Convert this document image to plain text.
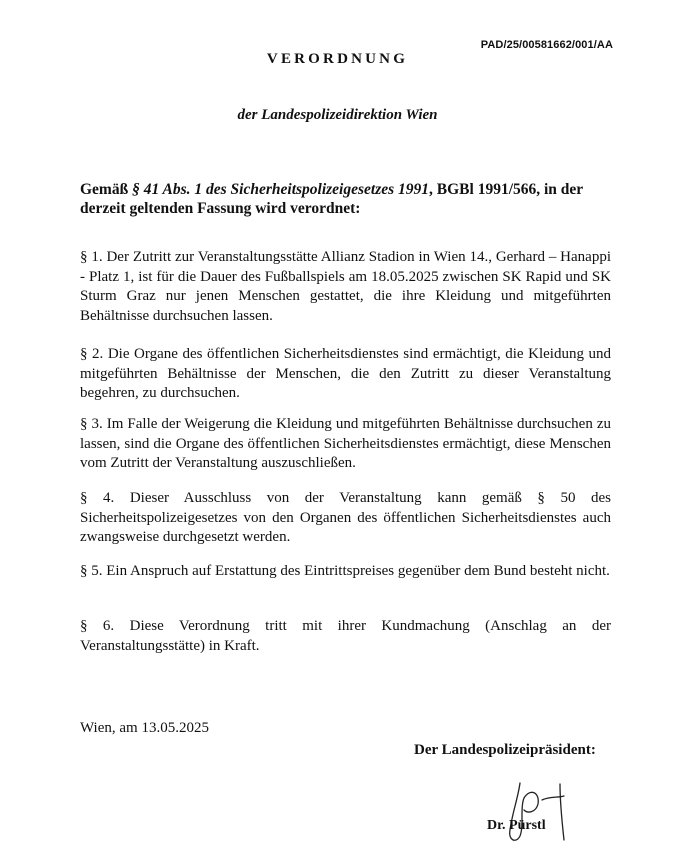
PAD/25/00581662/001/AA
VERORDNUNG
der Landespolizeidirektion Wien
Gemäß § 41 Abs. 1 des Sicherheitspolizeigesetzes 1991, BGBl 1991/566, in der derzeit geltenden Fassung wird verordnet:
§ 1. Der Zutritt zur Veranstaltungsstätte Allianz Stadion in Wien 14., Gerhard – Hanappi - Platz 1, ist für die Dauer des Fußballspiels am 18.05.2025 zwischen SK Rapid und SK Sturm Graz nur jenen Menschen gestattet, die ihre Kleidung und mitgeführten Behältnisse durchsuchen lassen.
§ 2. Die Organe des öffentlichen Sicherheitsdienstes sind ermächtigt, die Kleidung und mitgeführten Behältnisse der Menschen, die den Zutritt zu dieser Veranstaltung begehren, zu durchsuchen.
§ 3. Im Falle der Weigerung die Kleidung und mitgeführten Behältnisse durchsuchen zu lassen, sind die Organe des öffentlichen Sicherheitsdienstes ermächtigt, diese Menschen vom Zutritt der Veranstaltung auszuschließen.
§ 4. Dieser Ausschluss von der Veranstaltung kann gemäß § 50 des Sicherheitspolizeigesetzes von den Organen des öffentlichen Sicherheitsdienstes auch zwangsweise durchgesetzt werden.
§ 5. Ein Anspruch auf Erstattung des Eintrittspreises gegenüber dem Bund besteht nicht.
§ 6. Diese Verordnung tritt mit ihrer Kundmachung (Anschlag an der Veranstaltungsstätte) in Kraft.
Wien, am 13.05.2025
Der Landespolizeipräsident:
Dr. Pürstl
